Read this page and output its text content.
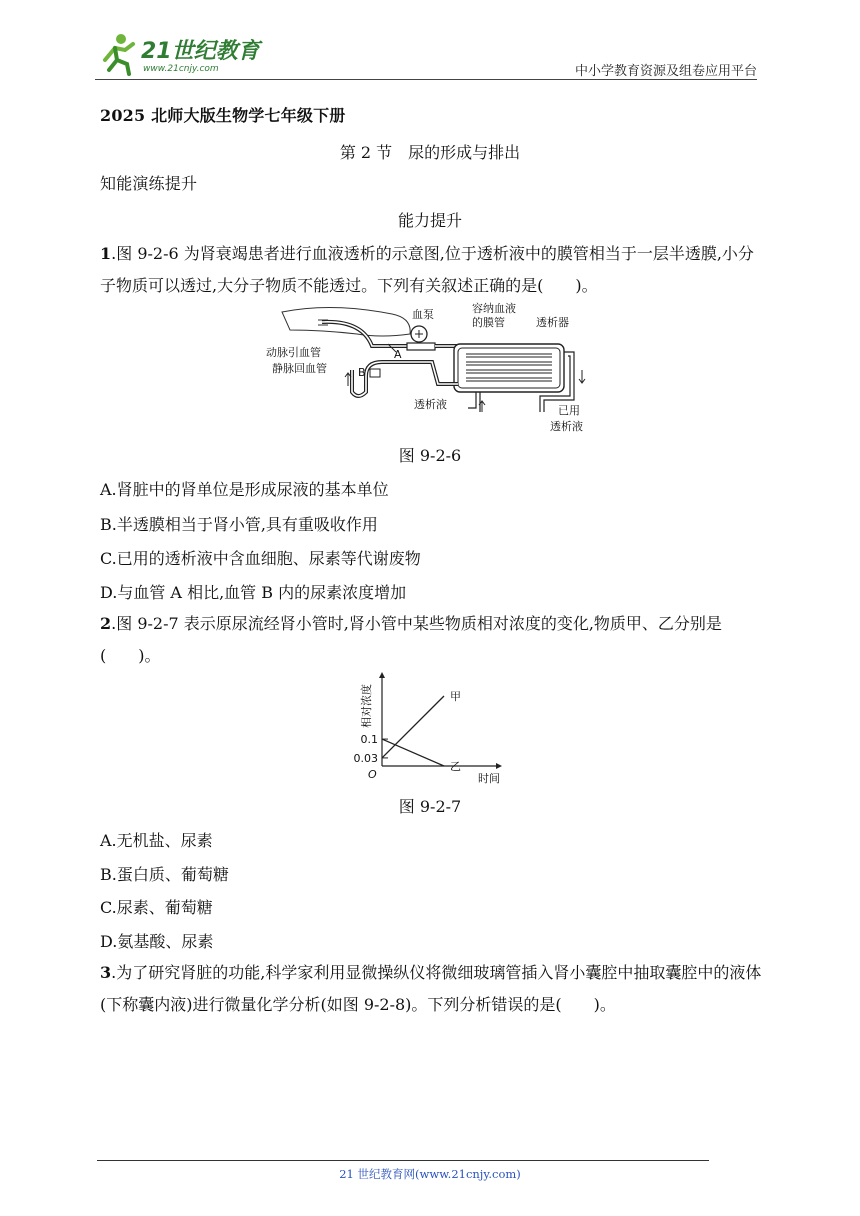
21世纪教育
www.21cnjy.com	中小学教育资源及组卷应用平台
2025 北师大版生物学七年级下册
第 2 节　尿的形成与排出
知能演练提升
能力提升
1.图 9-2-6 为肾衰竭患者进行血液透析的示意图,位于透析液中的膜管相当于一层半透膜,小分子物质可以透过,大分子物质不能透过。下列有关叙述正确的是(　　)。
血泵	容纳血液
的膜管	透析器
动脉引血管
静脉回血管
A
B
透析液	已用
透析液
图 9-2-6
A.肾脏中的肾单位是形成尿液的基本单位
B.半透膜相当于肾小管,具有重吸收作用
C.已用的透析液中含血细胞、尿素等代谢废物
D.与血管 A 相比,血管 B 内的尿素浓度增加
2.图 9-2-7 表示原尿流经肾小管时,肾小管中某些物质相对浓度的变化,物质甲、乙分别是(　　)。
相对浓度
时间
O
0.1
0.03
甲
乙
图 9-2-7
A.无机盐、尿素
B.蛋白质、葡萄糖
C.尿素、葡萄糖
D.氨基酸、尿素
3.为了研究肾脏的功能,科学家利用显微操纵仪将微细玻璃管插入肾小囊腔中抽取囊腔中的液体(下称囊内液)进行微量化学分析(如图 9-2-8)。下列分析错误的是(　　)。
21 世纪教育网(www.21cnjy.com)
